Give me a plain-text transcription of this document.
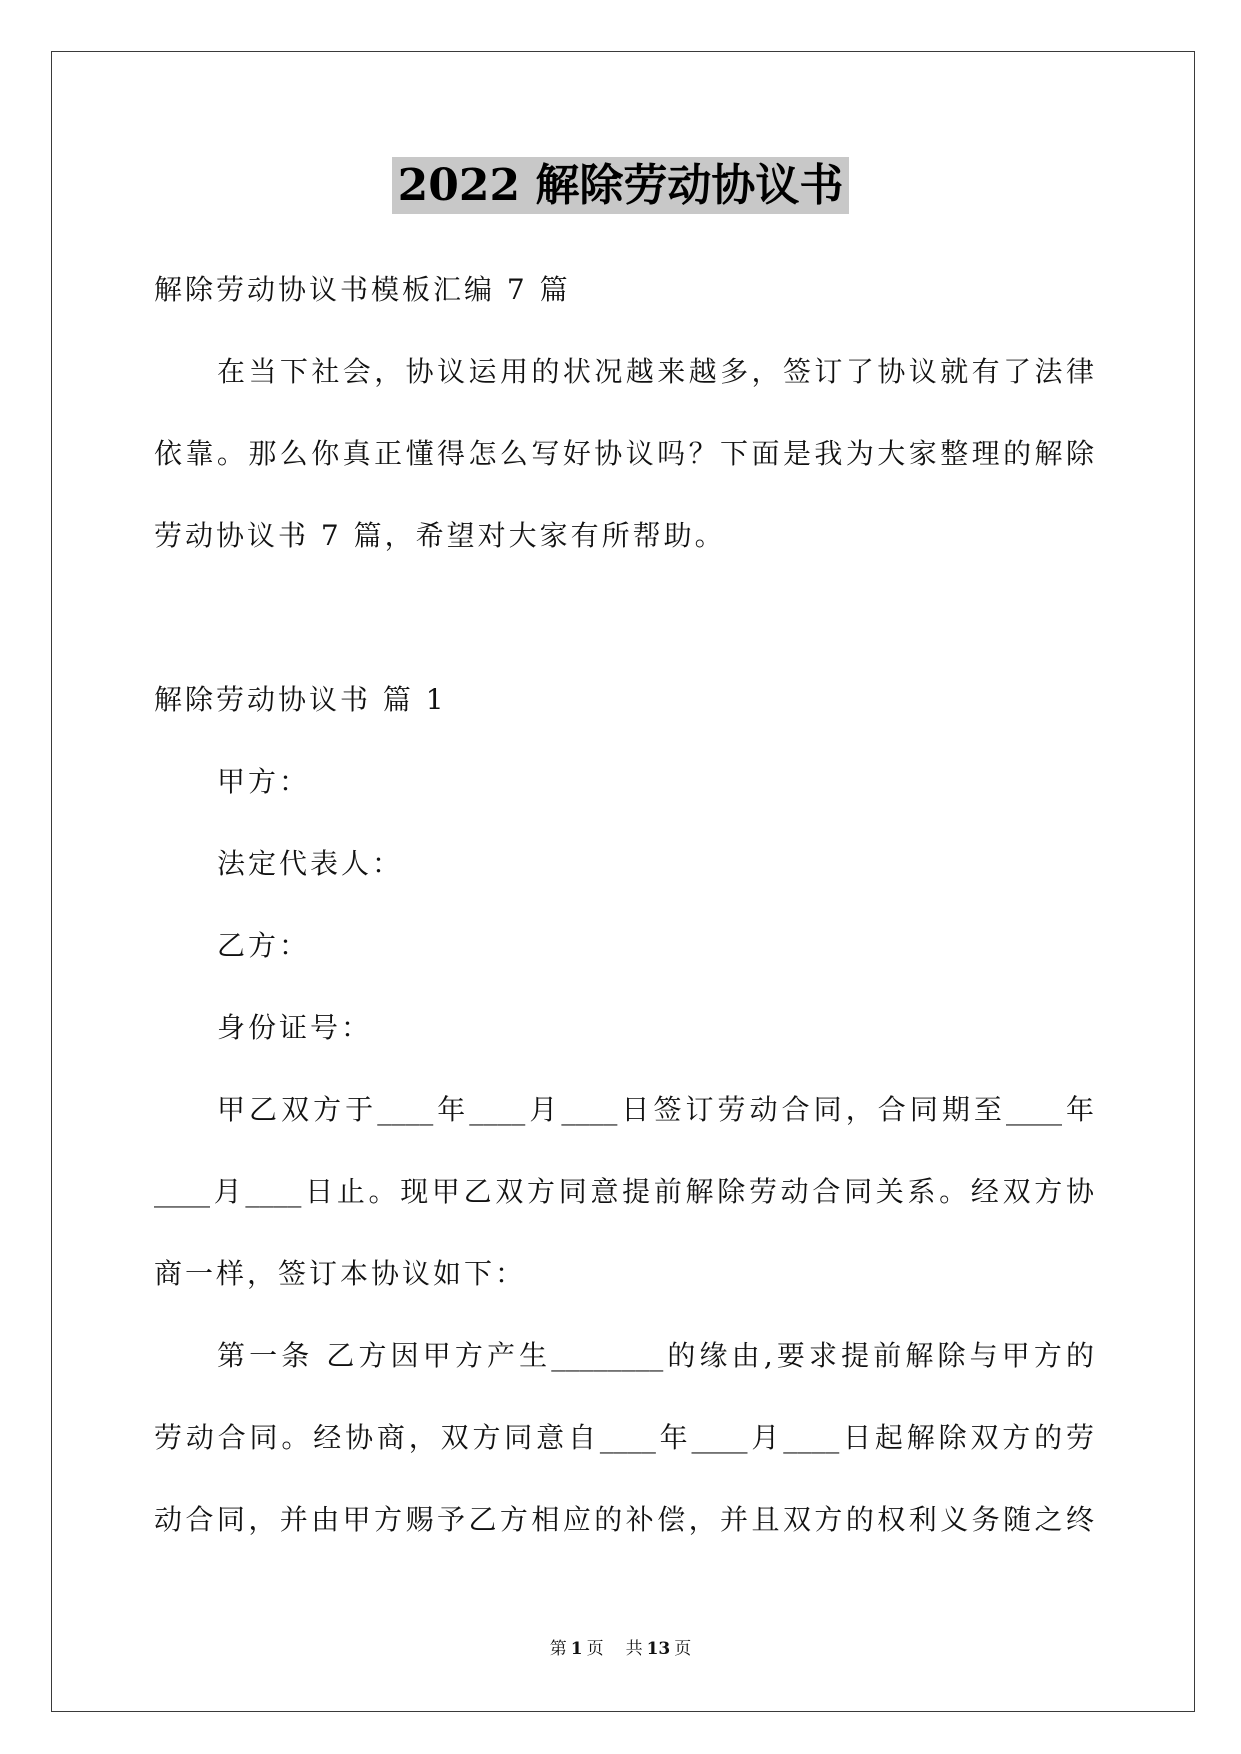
2022 解除劳动协议书
解除劳动协议书模板汇编 7 篇
在当下社会，协议运用的状况越来越多，签订了协议就有了法律
依靠。那么你真正懂得怎么写好协议吗？下面是我为大家整理的解除
劳动协议书 7 篇，希望对大家有所帮助。
解除劳动协议书 篇 1
甲方：
法定代表人：
乙方：
身份证号：
甲乙双方于____年____月____日签订劳动合同，合同期至____年
____月____日止。现甲乙双方同意提前解除劳动合同关系。经双方协
商一样，签订本协议如下：
第一条 乙方因甲方产生________的缘由,要求提前解除与甲方的
劳动合同。经协商，双方同意自____年____月____日起解除双方的劳
动合同，并由甲方赐予乙方相应的补偿，并且双方的权利义务随之终
第 1 页 共 13 页
